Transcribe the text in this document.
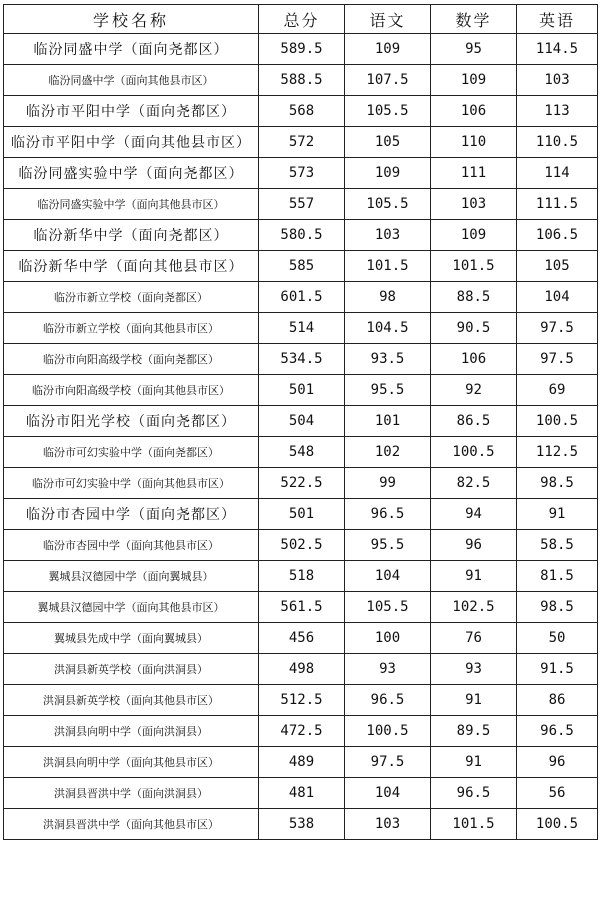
学校名称	总分	语文	数学	英语
临汾同盛中学（面向尧都区）	589.5	109	95	114.5
临汾同盛中学（面向其他县市区）	588.5	107.5	109	103
临汾市平阳中学（面向尧都区）	568	105.5	106	113
临汾市平阳中学（面向其他县市区）	572	105	110	110.5
临汾同盛实验中学（面向尧都区）	573	109	111	114
临汾同盛实验中学（面向其他县市区）	557	105.5	103	111.5
临汾新华中学（面向尧都区）	580.5	103	109	106.5
临汾新华中学（面向其他县市区）	585	101.5	101.5	105
临汾市新立学校（面向尧都区）	601.5	98	88.5	104
临汾市新立学校（面向其他县市区）	514	104.5	90.5	97.5
临汾市向阳高级学校（面向尧都区）	534.5	93.5	106	97.5
临汾市向阳高级学校（面向其他县市区）	501	95.5	92	69
临汾市阳光学校（面向尧都区）	504	101	86.5	100.5
临汾市可幻实验中学（面向尧都区）	548	102	100.5	112.5
临汾市可幻实验中学（面向其他县市区）	522.5	99	82.5	98.5
临汾市杏园中学（面向尧都区）	501	96.5	94	91
临汾市杏园中学（面向其他县市区）	502.5	95.5	96	58.5
翼城县汉德园中学（面向翼城县）	518	104	91	81.5
翼城县汉德园中学（面向其他县市区）	561.5	105.5	102.5	98.5
翼城县先成中学（面向翼城县）	456	100	76	50
洪洞县新英学校（面向洪洞县）	498	93	93	91.5
洪洞县新英学校（面向其他县市区）	512.5	96.5	91	86
洪洞县向明中学（面向洪洞县）	472.5	100.5	89.5	96.5
洪洞县向明中学（面向其他县市区）	489	97.5	91	96
洪洞县晋洪中学（面向洪洞县）	481	104	96.5	56
洪洞县晋洪中学（面向其他县市区）	538	103	101.5	100.5
